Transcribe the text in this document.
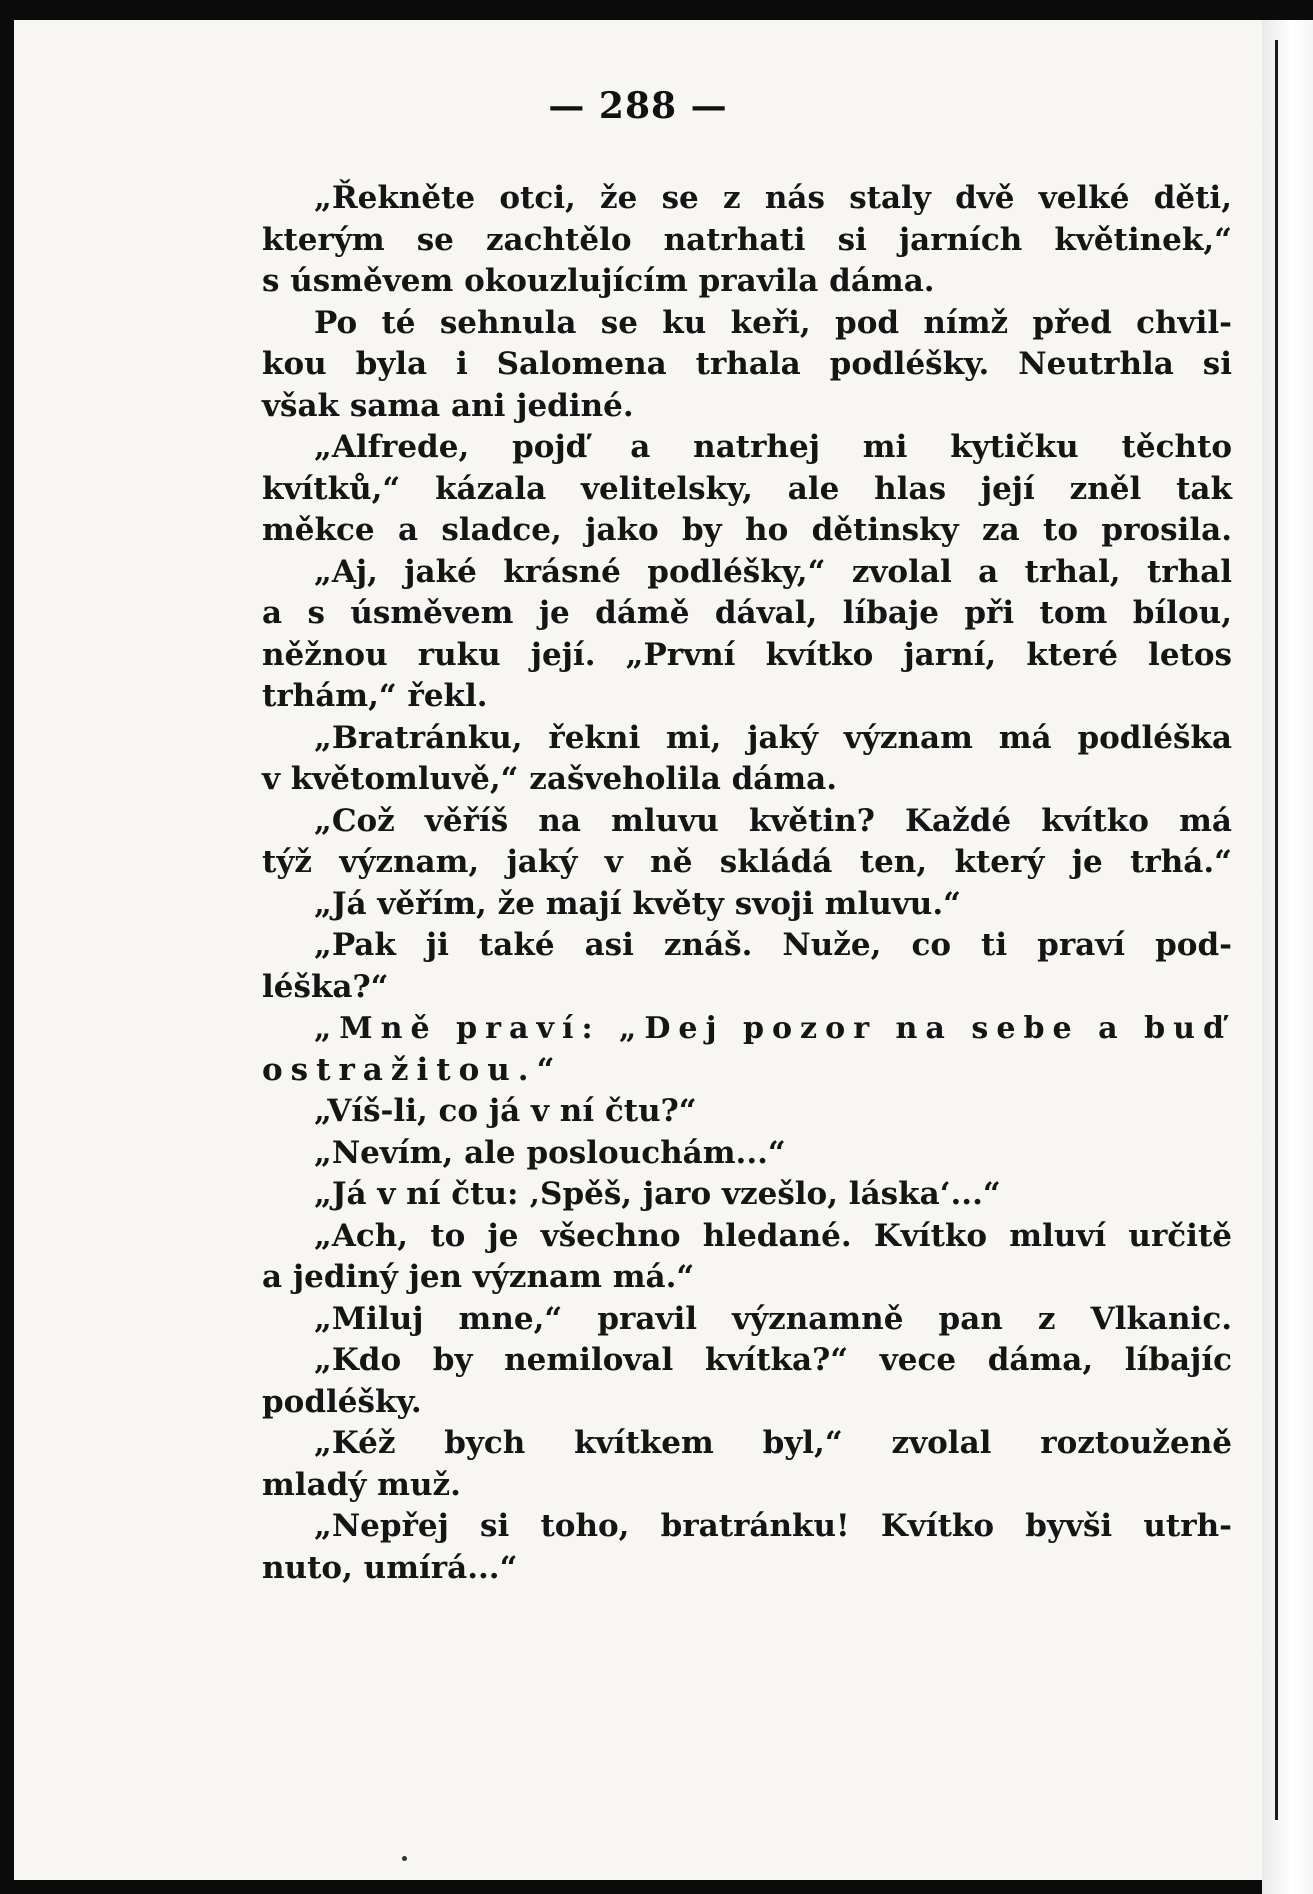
— 288 —
„Řekněte otci, že se z nás staly dvě velké děti,
kterým se zachtělo natrhati si jarních květinek,“
s úsměvem okouzlujícím pravila dáma.
Po té sehnula se ku keři, pod nímž před chvil-
kou byla i Salomena trhala podléšky. Neutrhla si
však sama ani jediné.
„Alfrede, pojď a natrhej mi kytičku těchto
kvítků,“ kázala velitelsky, ale hlas její zněl tak
měkce a sladce, jako by ho dětinsky za to prosila.
„Aj, jaké krásné podléšky,“ zvolal a trhal, trhal
a s úsměvem je dámě dával, líbaje při tom bílou,
něžnou ruku její. „První kvítko jarní, které letos
trhám,“ řekl.
„Bratránku, řekni mi, jaký význam má podléška
v květomluvě,“ zašveholila dáma.
„Což věříš na mluvu květin? Každé kvítko má
týž význam, jaký v ně skládá ten, který je trhá.“
„Já věřím, že mají květy svoji mluvu.“
„Pak ji také asi znáš. Nuže, co ti praví pod-
léška?“
„Mně praví: „Dej pozor na sebe a buď
ostražitou.“
„Víš-li, co já v ní čtu?“
„Nevím, ale poslouchám...“
„Já v ní čtu: ‚Spěš, jaro vzešlo, láska‘...“
„Ach, to je všechno hledané. Kvítko mluví určitě
a jediný jen význam má.“
„Miluj mne,“ pravil významně pan z Vlkanic.
„Kdo by nemiloval kvítka?“ vece dáma, líbajíc
podléšky.
„Kéž bych kvítkem byl,“ zvolal roztouženě
mladý muž.
„Nepřej si toho, bratránku! Kvítko byvši utrh-
nuto, umírá...“
